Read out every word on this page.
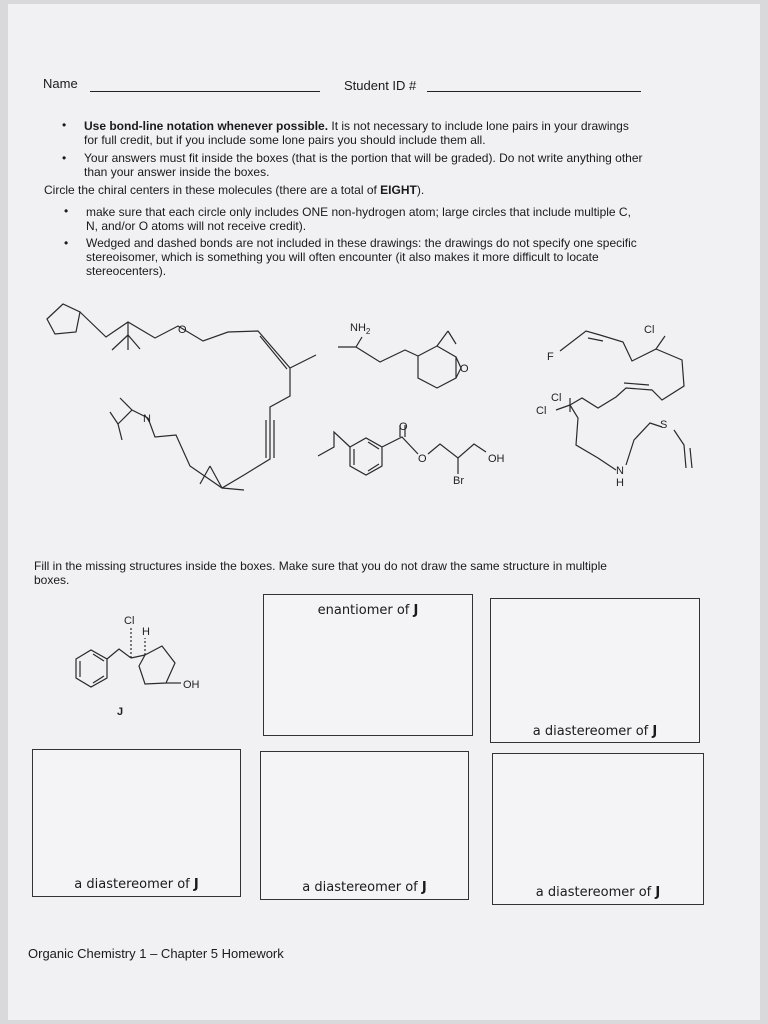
Name	Student ID #
• Use bond-line notation whenever possible. It is not necessary to include lone pairs in your drawings
for full credit, but if you include some lone pairs you should include them all.
• Your answers must fit inside the boxes (that is the portion that will be graded). Do not write anything other
than your answer inside the boxes.
Circle the chiral centers in these molecules (there are a total of EIGHT).
• make sure that each circle only includes ONE non-hydrogen atom; large circles that include multiple C,
N, and/or O atoms will not receive credit).
• Wedged and dashed bonds are not included in these drawings: the drawings do not specify one specific
stereoisomer, which is something you will often encounter (it also makes it more difficult to locate
stereocenters).
O
N
$NH_2$
O
O
O	OH
Br
Cl
F
Cl
Cl
S
N
H
Fill in the missing structures inside the boxes. Make sure that you do not draw the same structure in multiple
boxes.
Cl
H
OH
J
enantiomer of J
a diastereomer of J
a diastereomer of J	a diastereomer of J	a diastereomer of J
Organic Chemistry 1 – Chapter 5 Homework
